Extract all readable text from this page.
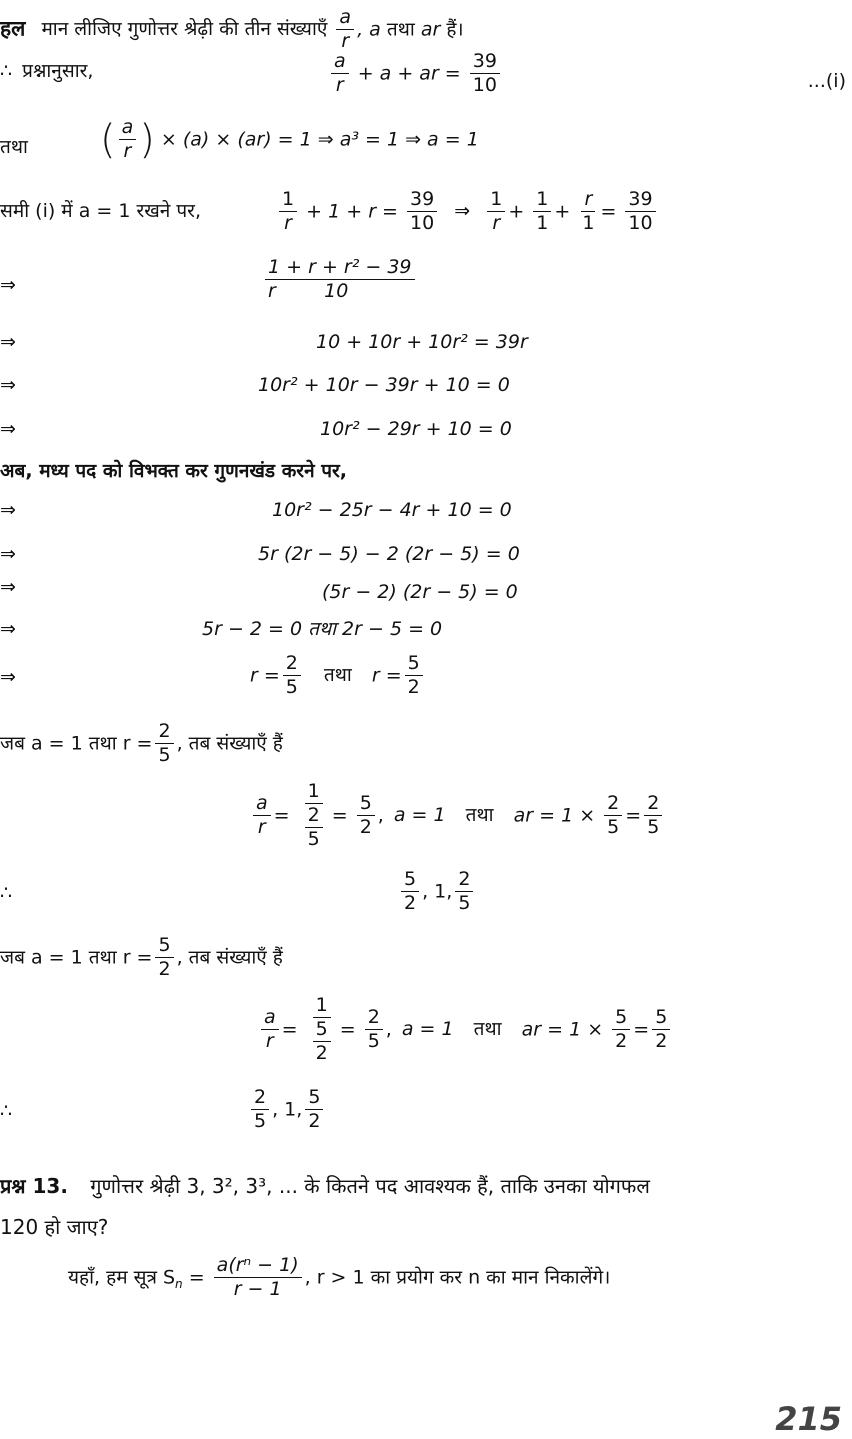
हल मान लीजिए गुणोत्तर श्रेढ़ी की तीन संख्याएँ $\frac{a}{r}$ , a तथा ar हैं।
∴ प्रश्नानुसार,	$\frac{a}{r} + a$ + ar = $\frac{39}{10}$	...(i)
तथा ( $\frac{a}{r}$ ) × (a) × (ar) = 1 ⇒ a³ = 1 ⇒ a = 1
समी (i) में a = 1 रखने पर,	$\frac{1}{r} + 1 + r = \frac{39}{10}$ ⇒ $\frac{1}{r} + \frac{1}{1} + \frac{r}{1} = \frac{39}{10}$
⇒	$\frac{\text{1 + r + r² − 39}}{r 10}$
⇒	10 + 10r + 10r² = 39r
⇒	10r² + 10r − 39r + 10 = 0
⇒	10r² − 29r + 10 = 0
अब, मध्य पद को विभक्त कर गुणनखंड करने पर,
⇒	10r² − 25r − 4r + 10 = 0
⇒	5r (2r − 5) − 2 (2r − 5) = 0
⇒	(5r − 2) (2r − 5) = 0
⇒	5r − 2 = 0 तथा 2r − 5 = 0
⇒	$r = \frac{2}{5}$ तथा $r = \frac{5}{2}$
जब a = 1 तथा $r = \frac{2}{5}$ , तब संख्याएँ हैं
$\frac{a}{r} = \frac{1}{\frac{2}{5}} = \frac{5}{2}$ , a = 1 तथा ar = $1 \times \frac{2}{5} = \frac{2}{5}$
∴	$\frac{5}{2}$ , 1, $\frac{2}{5}$
जब a = 1 तथा $r = \frac{5}{2}$ , तब संख्याएँ हैं
$\frac{a}{r} = \frac{1}{\frac{5}{2}} = \frac{2}{5}$ , a = 1 तथा ar = $1 \times \frac{5}{2} = \frac{5}{2}$
∴	$\frac{2}{5}$ , 1, $\frac{5}{2}$
प्रश्न 13. गुणोत्तर श्रेढ़ी 3, 3², 3³, ... के कितने पद आवश्यक हैं, ताकि उनका योगफल
120 हो जाए?
यहाँ, हम सूत्र $S_n = \frac{\text{a(rⁿ − 1)}}{r - 1}$ , r > 1 का प्रयोग कर n का मान निकालेंगे।
215
